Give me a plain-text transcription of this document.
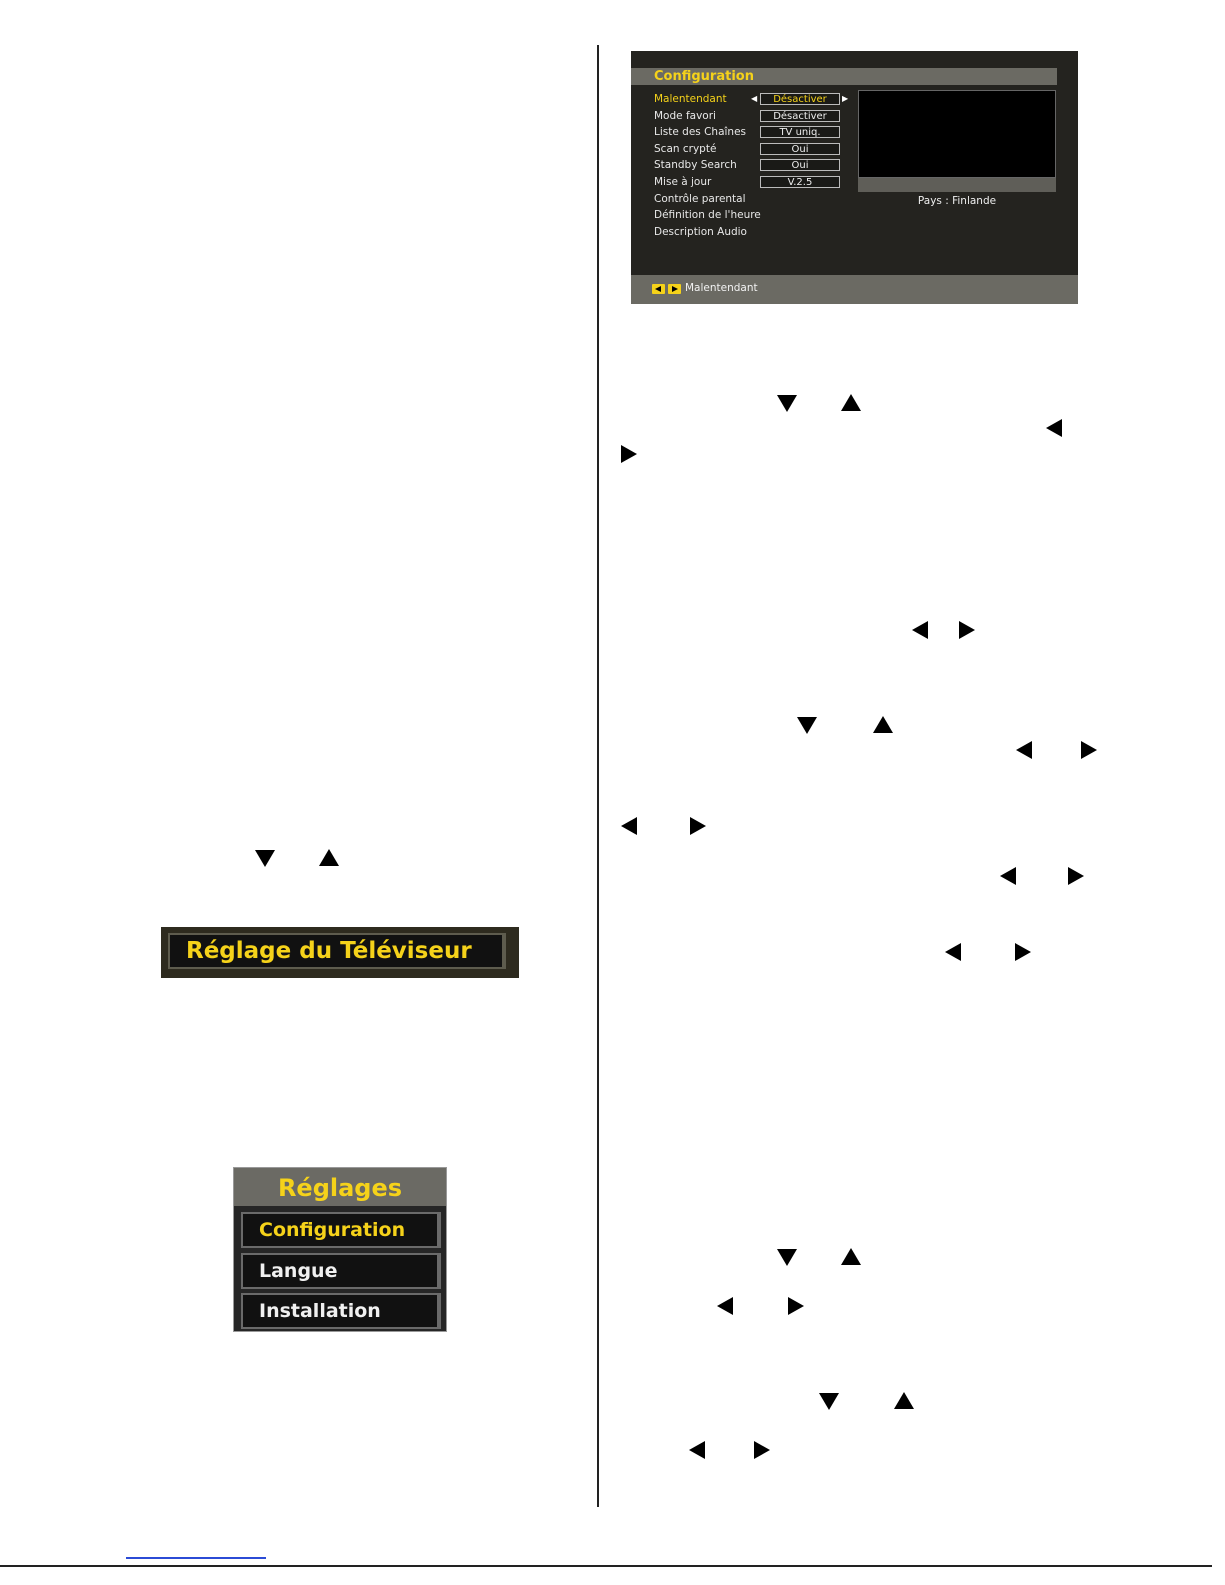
Réglage du Téléviseur
Réglages
Configuration
Langue
Installation
Configuration
Malentendant	◀	Désactiver	▶
Mode favori	Désactiver
Liste des Chaînes	TV uniq.
Scan crypté	Oui
Standby Search	Oui
Mise à jour	V.2.5
Contrôle parental
Définition de l'heure
Description Audio
Pays : Finlande
Malentendant
